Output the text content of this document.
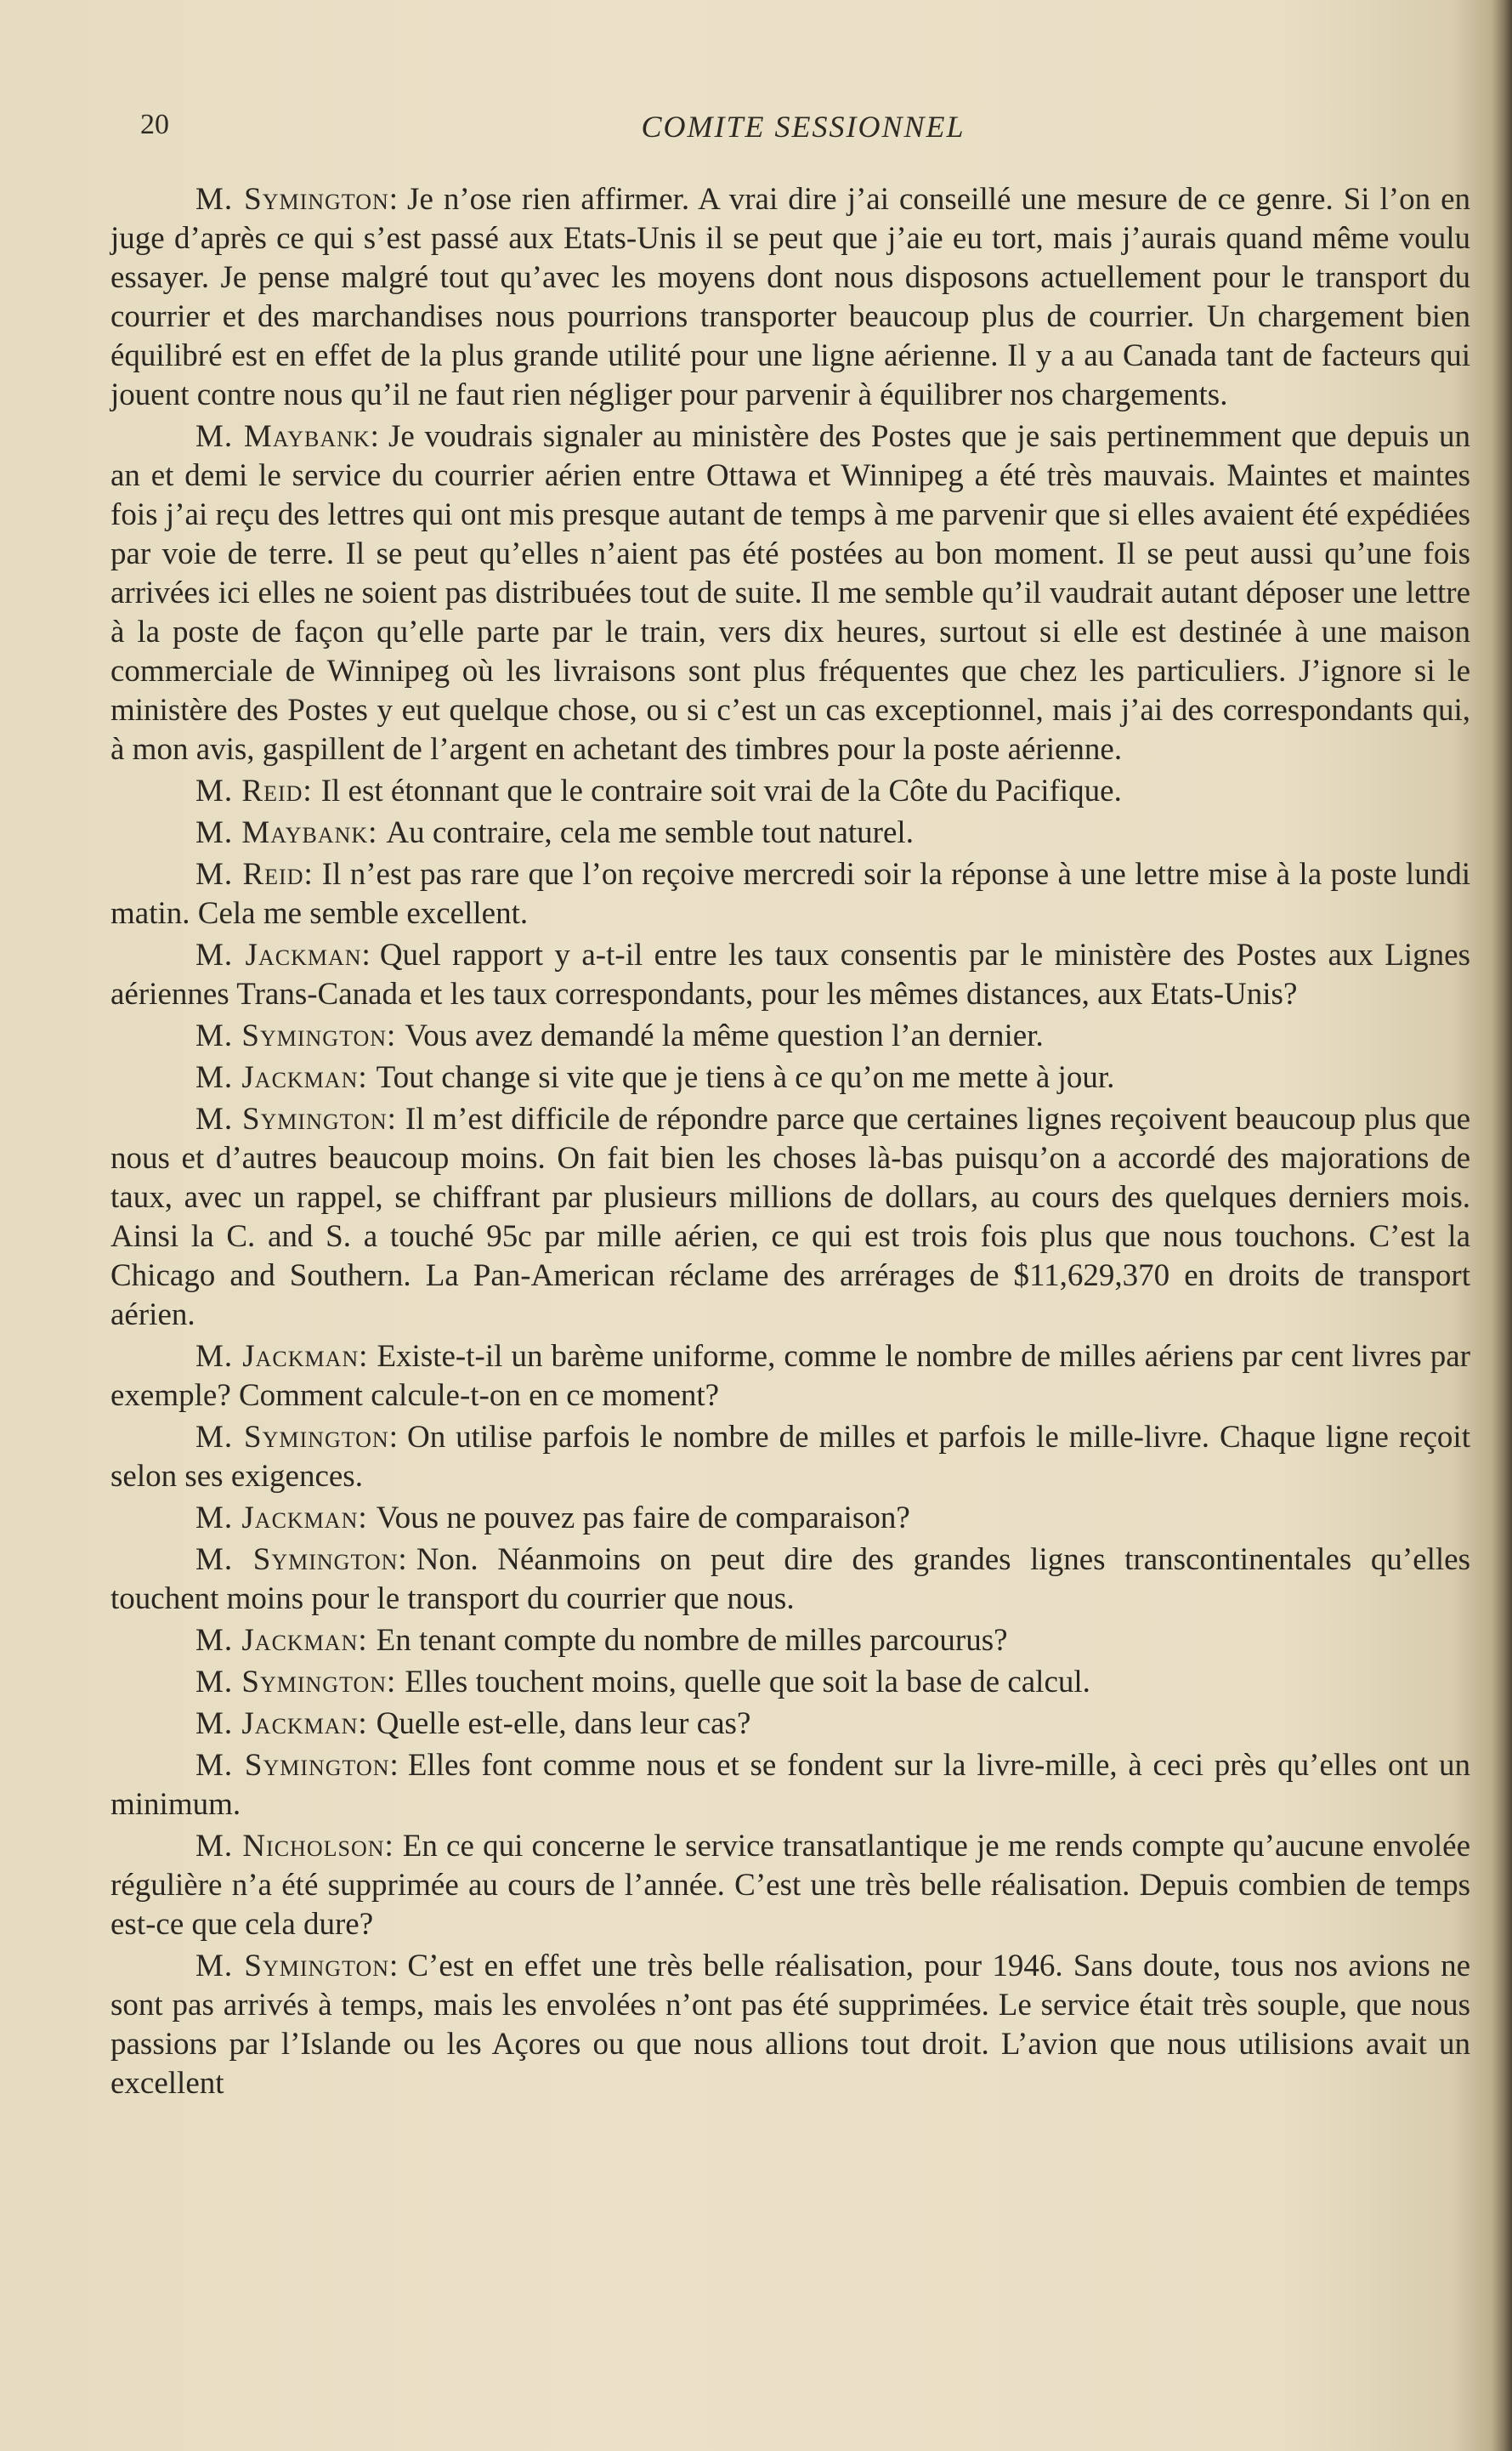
20	COMITE SESSIONNEL

M. Symington: Je n’ose rien affirmer. A vrai dire j’ai conseillé une mesure de ce genre. Si l’on en juge d’après ce qui s’est passé aux Etats-Unis il se peut que j’aie eu tort, mais j’aurais quand même voulu essayer. Je pense malgré tout qu’avec les moyens dont nous disposons actuellement pour le transport du courrier et des marchandises nous pourrions transporter beaucoup plus de courrier. Un chargement bien équilibré est en effet de la plus grande utilité pour une ligne aérienne. Il y a au Canada tant de facteurs qui jouent contre nous qu’il ne faut rien négliger pour parvenir à équilibrer nos chargements.

M. Maybank: Je voudrais signaler au ministère des Postes que je sais pertinemment que depuis un an et demi le service du courrier aérien entre Ottawa et Winnipeg a été très mauvais. Maintes et maintes fois j’ai reçu des lettres qui ont mis presque autant de temps à me parvenir que si elles avaient été expédiées par voie de terre. Il se peut qu’elles n’aient pas été postées au bon moment. Il se peut aussi qu’une fois arrivées ici elles ne soient pas distribuées tout de suite. Il me semble qu’il vaudrait autant déposer une lettre à la poste de façon qu’elle parte par le train, vers dix heures, surtout si elle est destinée à une maison commerciale de Winnipeg où les livraisons sont plus fréquentes que chez les particuliers. J’ignore si le ministère des Postes y eut quelque chose, ou si c’est un cas exceptionnel, mais j’ai des correspondants qui, à mon avis, gaspillent de l’argent en achetant des timbres pour la poste aérienne.

M. Reid: Il est étonnant que le contraire soit vrai de la Côte du Pacifique.

M. Maybank: Au contraire, cela me semble tout naturel.

M. Reid: Il n’est pas rare que l’on reçoive mercredi soir la réponse à une lettre mise à la poste lundi matin. Cela me semble excellent.

M. Jackman: Quel rapport y a-t-il entre les taux consentis par le ministère des Postes aux Lignes aériennes Trans-Canada et les taux correspondants, pour les mêmes distances, aux Etats-Unis?

M. Symington: Vous avez demandé la même question l’an dernier.

M. Jackman: Tout change si vite que je tiens à ce qu’on me mette à jour.

M. Symington: Il m’est difficile de répondre parce que certaines lignes reçoivent beaucoup plus que nous et d’autres beaucoup moins. On fait bien les choses là-bas puisqu’on a accordé des majorations de taux, avec un rappel, se chiffrant par plusieurs millions de dollars, au cours des quelques derniers mois. Ainsi la C. and S. a touché 95c par mille aérien, ce qui est trois fois plus que nous touchons. C’est la Chicago and Southern. La Pan-American réclame des arrérages de $11,629,370 en droits de transport aérien.

M. Jackman: Existe-t-il un barème uniforme, comme le nombre de milles aériens par cent livres par exemple? Comment calcule-t-on en ce moment?

M. Symington: On utilise parfois le nombre de milles et parfois le mille-livre. Chaque ligne reçoit selon ses exigences.

M. Jackman: Vous ne pouvez pas faire de comparaison?

M. Symington: Non. Néanmoins on peut dire des grandes lignes transcontinentales qu’elles touchent moins pour le transport du courrier que nous.

M. Jackman: En tenant compte du nombre de milles parcourus?

M. Symington: Elles touchent moins, quelle que soit la base de calcul.

M. Jackman: Quelle est-elle, dans leur cas?

M. Symington: Elles font comme nous et se fondent sur la livre-mille, à ceci près qu’elles ont un minimum.

M. Nicholson: En ce qui concerne le service transatlantique je me rends compte qu’aucune envolée régulière n’a été supprimée au cours de l’année. C’est une très belle réalisation. Depuis combien de temps est-ce que cela dure?

M. Symington: C’est en effet une très belle réalisation, pour 1946. Sans doute, tous nos avions ne sont pas arrivés à temps, mais les envolées n’ont pas été supprimées. Le service était très souple, que nous passions par l’Islande ou les Açores ou que nous allions tout droit. L’avion que nous utilisions avait un excellent
